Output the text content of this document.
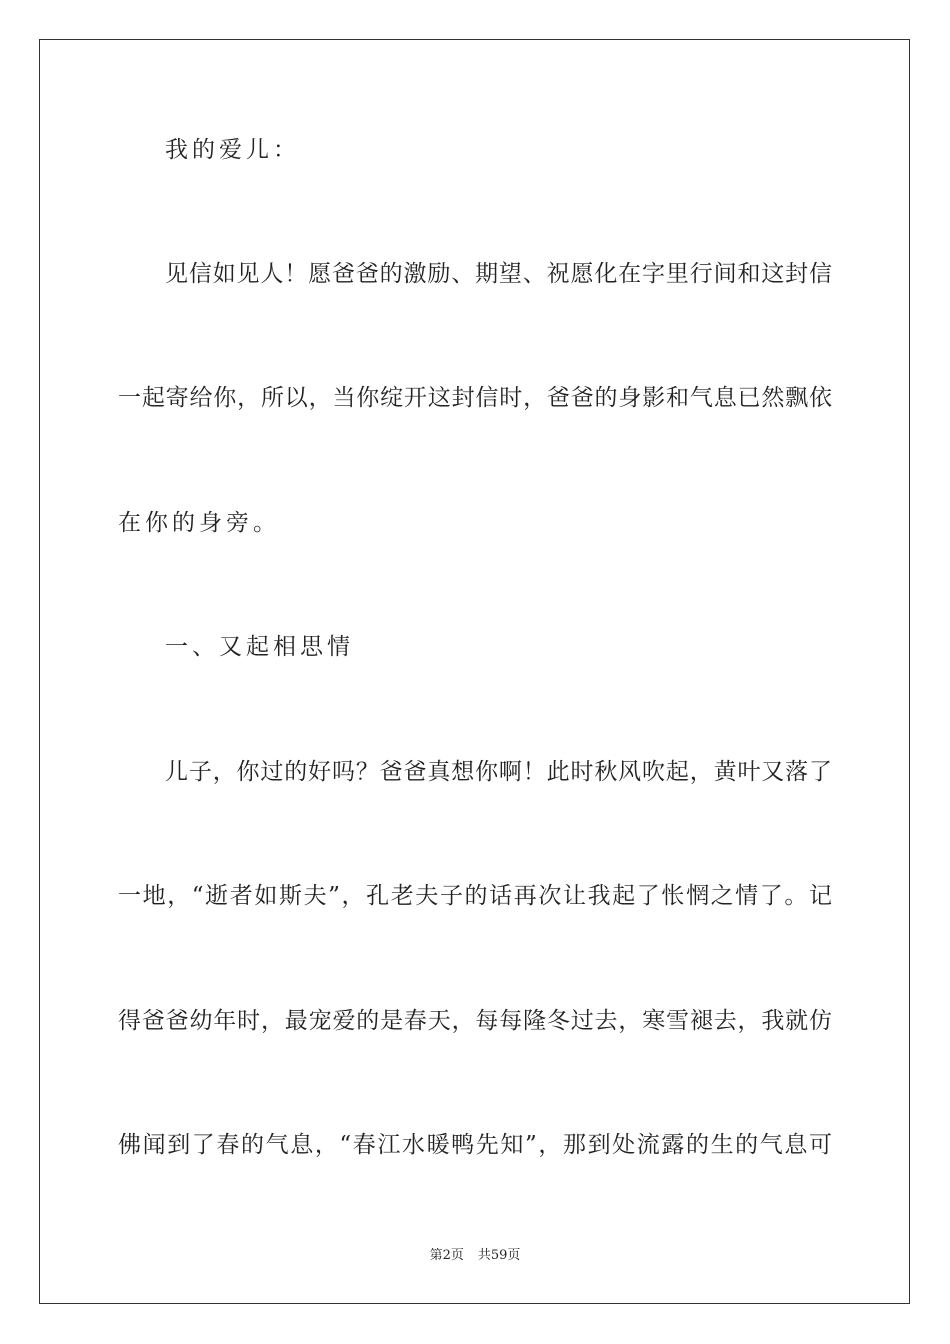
我的爱儿：
见信如见人！愿爸爸的激励、期望、祝愿化在字里行间和这封信
一起寄给你，所以，当你绽开这封信时，爸爸的身影和气息已然飘依
在你的身旁。
一、又起相思情
儿子，你过的好吗？爸爸真想你啊！此时秋风吹起，黄叶又落了
一地，“逝者如斯夫”，孔老夫子的话再次让我起了怅惘之情了。记
得爸爸幼年时，最宠爱的是春天，每每隆冬过去，寒雪褪去，我就仿
佛闻到了春的气息，“春江水暖鸭先知”，那到处流露的生的气息可
第2页 共59页
